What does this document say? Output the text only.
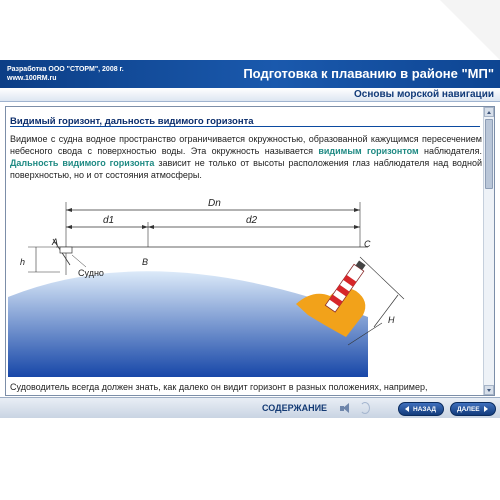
Разработка ООО "СТОРМ", 2008 г.
www.100RM.ru	Подготовка к плаванию в районе "МП"
Основы морской навигации
Видимый горизонт, дальность видимого горизонта
Видимое с судна водное пространство ограничивается окружностью, образованной кажущимся пересечением небесного свода с поверхностью воды. Эта окружность называется видимым горизонтом наблюдателя. Дальность видимого горизонта зависит не только от высоты расположения глаз наблюдателя над водной поверхностью, но и от состояния атмосферы.
Dn
d1	d2
Судно
A
h	B
C
H
Судоводитель всегда должен знать, как далеко он видит горизонт в разных положениях, например,
СОДЕРЖАНИЕ	НАЗАД	ДАЛЕЕ
